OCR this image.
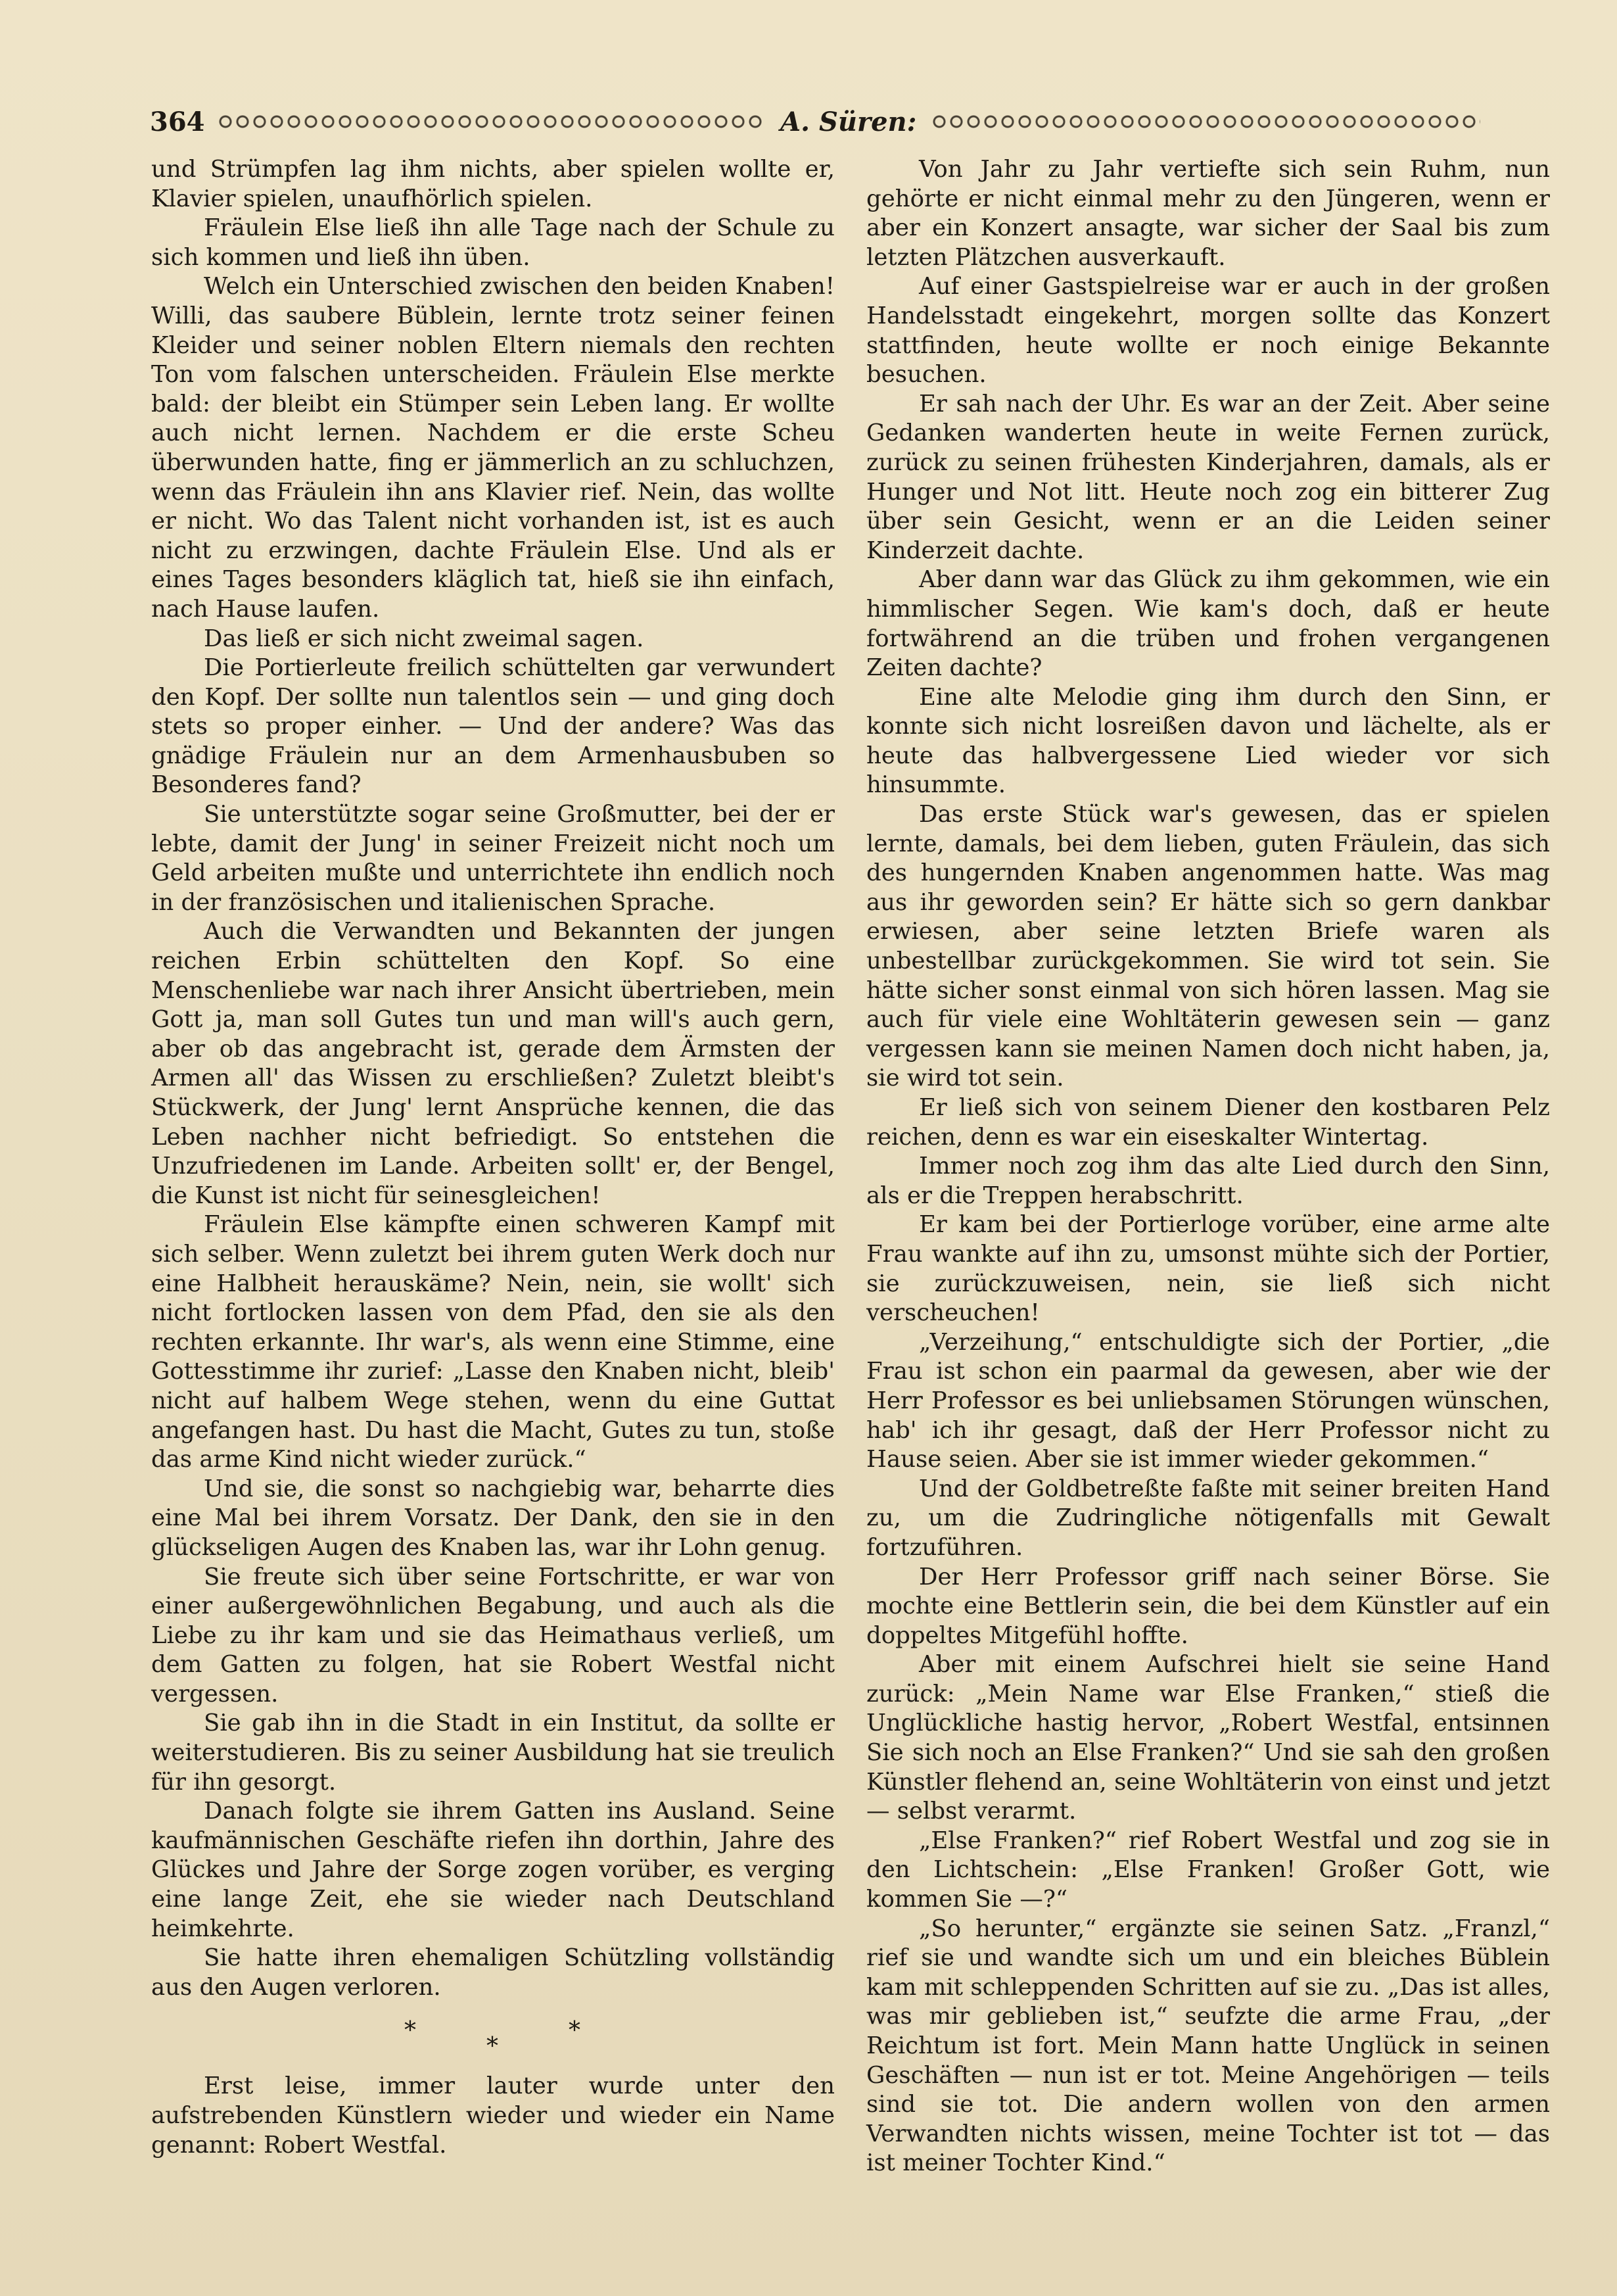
364	A. Süren:

und Strümpfen lag ihm nichts, aber spielen wollte er, Klavier spielen, unaufhörlich spielen.

Fräulein Else ließ ihn alle Tage nach der Schule zu sich kommen und ließ ihn üben.

Welch ein Unterschied zwischen den beiden Knaben! Willi, das saubere Büblein, lernte trotz seiner feinen Kleider und seiner noblen Eltern niemals den rechten Ton vom falschen unterscheiden. Fräulein Else merkte bald: der bleibt ein Stümper sein Leben lang. Er wollte auch nicht lernen. Nachdem er die erste Scheu überwunden hatte, fing er jämmerlich an zu schluchzen, wenn das Fräulein ihn ans Klavier rief. Nein, das wollte er nicht. Wo das Talent nicht vorhanden ist, ist es auch nicht zu erzwingen, dachte Fräulein Else. Und als er eines Tages besonders kläglich tat, hieß sie ihn einfach, nach Hause laufen.

Das ließ er sich nicht zweimal sagen.

Die Portierleute freilich schüttelten gar verwundert den Kopf. Der sollte nun talentlos sein — und ging doch stets so proper einher. — Und der andere? Was das gnädige Fräulein nur an dem Armenhausbuben so Besonderes fand?

Sie unterstützte sogar seine Großmutter, bei der er lebte, damit der Jung' in seiner Freizeit nicht noch um Geld arbeiten mußte und unterrichtete ihn endlich noch in der französischen und italienischen Sprache.

Auch die Verwandten und Bekannten der jungen reichen Erbin schüttelten den Kopf. So eine Menschenliebe war nach ihrer Ansicht übertrieben, mein Gott ja, man soll Gutes tun und man will's auch gern, aber ob das angebracht ist, gerade dem Ärmsten der Armen all' das Wissen zu erschließen? Zuletzt bleibt's Stückwerk, der Jung' lernt Ansprüche kennen, die das Leben nachher nicht befriedigt. So entstehen die Unzufriedenen im Lande. Arbeiten sollt' er, der Bengel, die Kunst ist nicht für seinesgleichen!

Fräulein Else kämpfte einen schweren Kampf mit sich selber. Wenn zuletzt bei ihrem guten Werk doch nur eine Halbheit herauskäme? Nein, nein, sie wollt' sich nicht fortlocken lassen von dem Pfad, den sie als den rechten erkannte. Ihr war's, als wenn eine Stimme, eine Gottesstimme ihr zurief: „Lasse den Knaben nicht, bleib' nicht auf halbem Wege stehen, wenn du eine Guttat angefangen hast. Du hast die Macht, Gutes zu tun, stoße das arme Kind nicht wieder zurück.“

Und sie, die sonst so nachgiebig war, beharrte dies eine Mal bei ihrem Vorsatz. Der Dank, den sie in den glückseligen Augen des Knaben las, war ihr Lohn genug.

Sie freute sich über seine Fortschritte, er war von einer außergewöhnlichen Begabung, und auch als die Liebe zu ihr kam und sie das Heimathaus verließ, um dem Gatten zu folgen, hat sie Robert Westfal nicht vergessen.

Sie gab ihn in die Stadt in ein Institut, da sollte er weiterstudieren. Bis zu seiner Ausbildung hat sie treulich für ihn gesorgt.

Danach folgte sie ihrem Gatten ins Ausland. Seine kaufmännischen Geschäfte riefen ihn dorthin, Jahre des Glückes und Jahre der Sorge zogen vorüber, es verging eine lange Zeit, ehe sie wieder nach Deutschland heimkehrte.

Sie hatte ihren ehemaligen Schützling vollständig aus den Augen verloren.

*
*
*

Erst leise, immer lauter wurde unter den aufstrebenden Künstlern wieder und wieder ein Name genannt: Robert Westfal.

Von Jahr zu Jahr vertiefte sich sein Ruhm, nun gehörte er nicht einmal mehr zu den Jüngeren, wenn er aber ein Konzert ansagte, war sicher der Saal bis zum letzten Plätzchen ausverkauft.

Auf einer Gastspielreise war er auch in der großen Handelsstadt eingekehrt, morgen sollte das Konzert stattfinden, heute wollte er noch einige Bekannte besuchen.

Er sah nach der Uhr. Es war an der Zeit. Aber seine Gedanken wanderten heute in weite Fernen zurück, zurück zu seinen frühesten Kinderjahren, damals, als er Hunger und Not litt. Heute noch zog ein bitterer Zug über sein Gesicht, wenn er an die Leiden seiner Kinderzeit dachte.

Aber dann war das Glück zu ihm gekommen, wie ein himmlischer Segen. Wie kam's doch, daß er heute fortwährend an die trüben und frohen vergangenen Zeiten dachte?

Eine alte Melodie ging ihm durch den Sinn, er konnte sich nicht losreißen davon und lächelte, als er heute das halbvergessene Lied wieder vor sich hinsummte.

Das erste Stück war's gewesen, das er spielen lernte, damals, bei dem lieben, guten Fräulein, das sich des hungernden Knaben angenommen hatte. Was mag aus ihr geworden sein? Er hätte sich so gern dankbar erwiesen, aber seine letzten Briefe waren als unbestellbar zurückgekommen. Sie wird tot sein. Sie hätte sicher sonst einmal von sich hören lassen. Mag sie auch für viele eine Wohltäterin gewesen sein — ganz vergessen kann sie meinen Namen doch nicht haben, ja, sie wird tot sein.

Er ließ sich von seinem Diener den kostbaren Pelz reichen, denn es war ein eiseskalter Wintertag.

Immer noch zog ihm das alte Lied durch den Sinn, als er die Treppen herabschritt.

Er kam bei der Portierloge vorüber, eine arme alte Frau wankte auf ihn zu, umsonst mühte sich der Portier, sie zurückzuweisen, nein, sie ließ sich nicht verscheuchen!

„Verzeihung,“ entschuldigte sich der Portier, „die Frau ist schon ein paarmal da gewesen, aber wie der Herr Professor es bei unliebsamen Störungen wünschen, hab' ich ihr gesagt, daß der Herr Professor nicht zu Hause seien. Aber sie ist immer wieder gekommen.“

Und der Goldbetreßte faßte mit seiner breiten Hand zu, um die Zudringliche nötigenfalls mit Gewalt fortzuführen.

Der Herr Professor griff nach seiner Börse. Sie mochte eine Bettlerin sein, die bei dem Künstler auf ein doppeltes Mitgefühl hoffte.

Aber mit einem Aufschrei hielt sie seine Hand zurück: „Mein Name war Else Franken,“ stieß die Unglückliche hastig hervor, „Robert Westfal, entsinnen Sie sich noch an Else Franken?“ Und sie sah den großen Künstler flehend an, seine Wohltäterin von einst und jetzt — selbst verarmt.

„Else Franken?“ rief Robert Westfal und zog sie in den Lichtschein: „Else Franken! Großer Gott, wie kommen Sie —?“

„So herunter,“ ergänzte sie seinen Satz. „Franzl,“ rief sie und wandte sich um und ein bleiches Büblein kam mit schleppenden Schritten auf sie zu. „Das ist alles, was mir geblieben ist,“ seufzte die arme Frau, „der Reichtum ist fort. Mein Mann hatte Unglück in seinen Geschäften — nun ist er tot. Meine Angehörigen — teils sind sie tot. Die andern wollen von den armen Verwandten nichts wissen, meine Tochter ist tot — das ist meiner Tochter Kind.“
